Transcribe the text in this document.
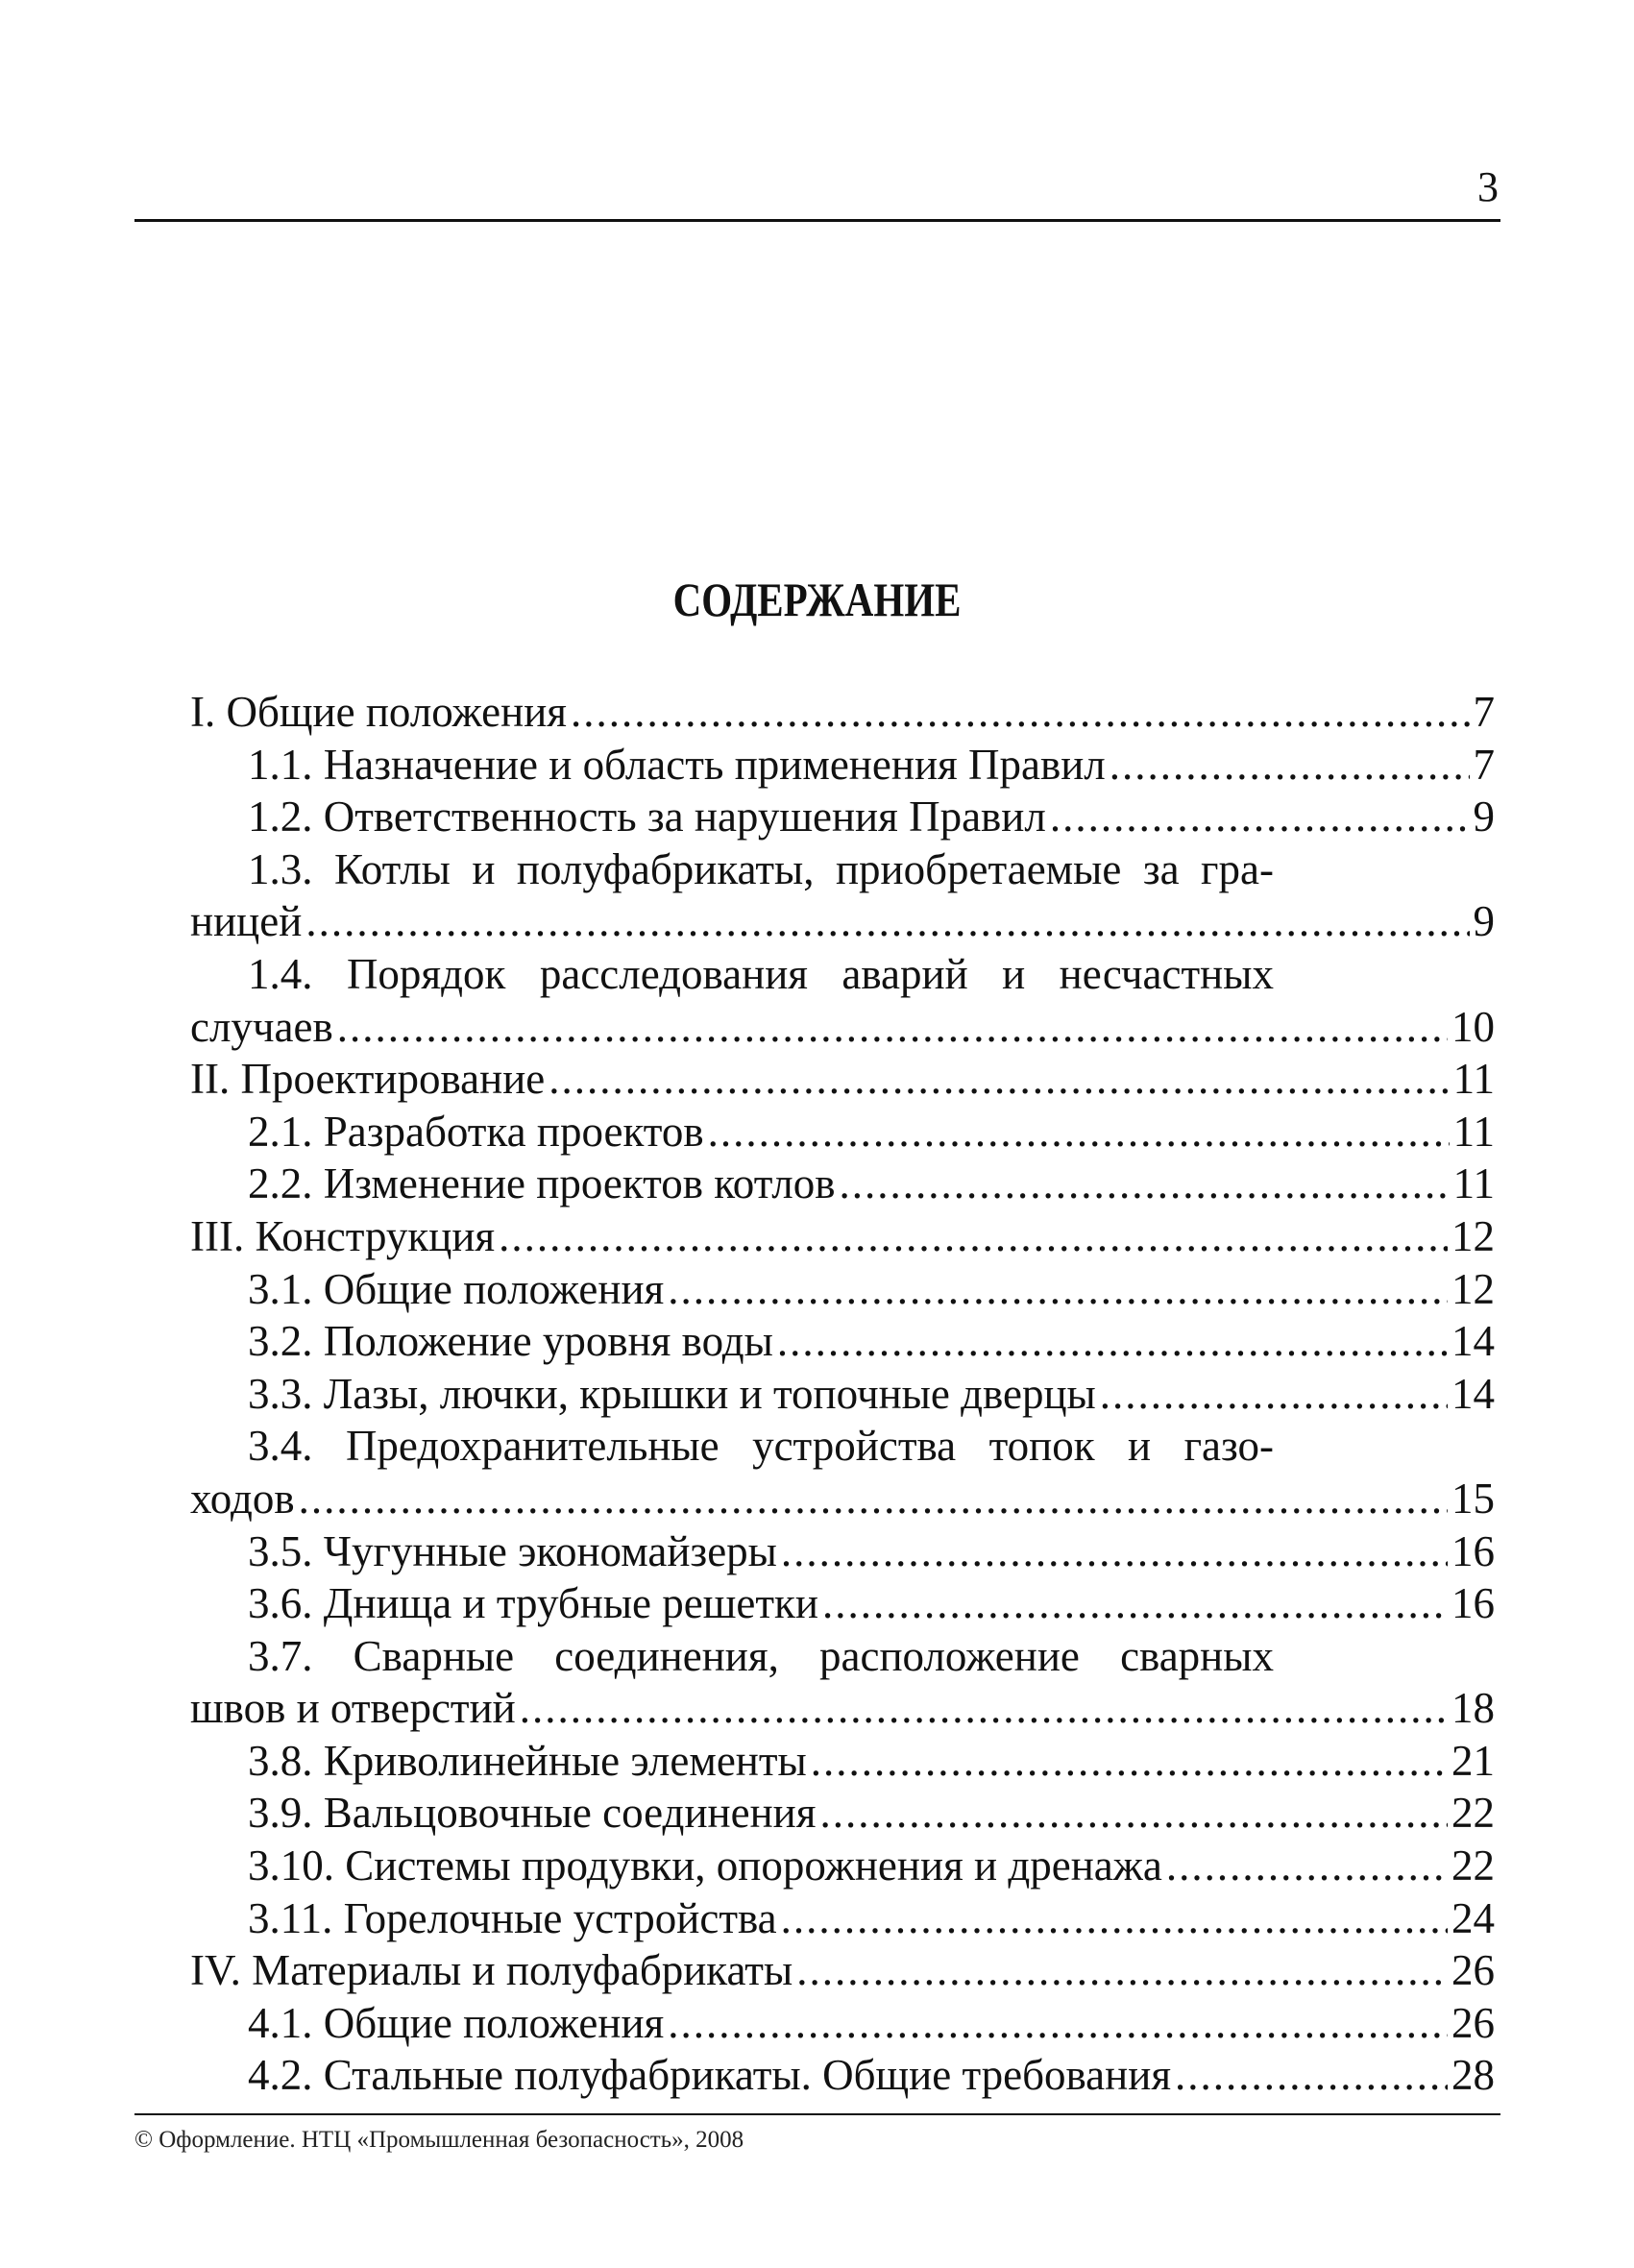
3
СОДЕРЖАНИЕ
I. Общие положения .....	7
1.1. Назначение и область применения Правил .....	7
1.2. Ответственность за нарушения Правил .....	9
1.3. Котлы и полуфабрикаты, приобретаемые за гра-
ницей .....	9
1.4. Порядок расследования аварий и несчастных
случаев .....	10
II. Проектирование .....	11
2.1. Разработка проектов .....	11
2.2. Изменение проектов котлов .....	11
III. Конструкция .....	12
3.1. Общие положения .....	12
3.2. Положение уровня воды .....	14
3.3. Лазы, лючки, крышки и топочные дверцы .....	14
3.4. Предохранительные устройства топок и газо-
ходов .....	15
3.5. Чугунные экономайзеры .....	16
3.6. Днища и трубные решетки .....	16
3.7. Сварные соединения, расположение сварных
швов и отверстий .....	18
3.8. Криволинейные элементы .....	21
3.9. Вальцовочные соединения .....	22
3.10. Системы продувки, опорожнения и дренажа .....	22
3.11. Горелочные устройства .....	24
IV. Материалы и полуфабрикаты .....	26
4.1. Общие положения .....	26
4.2. Стальные полуфабрикаты. Общие требования .....	28
© Оформление. НТЦ «Промышленная безопасность», 2008
